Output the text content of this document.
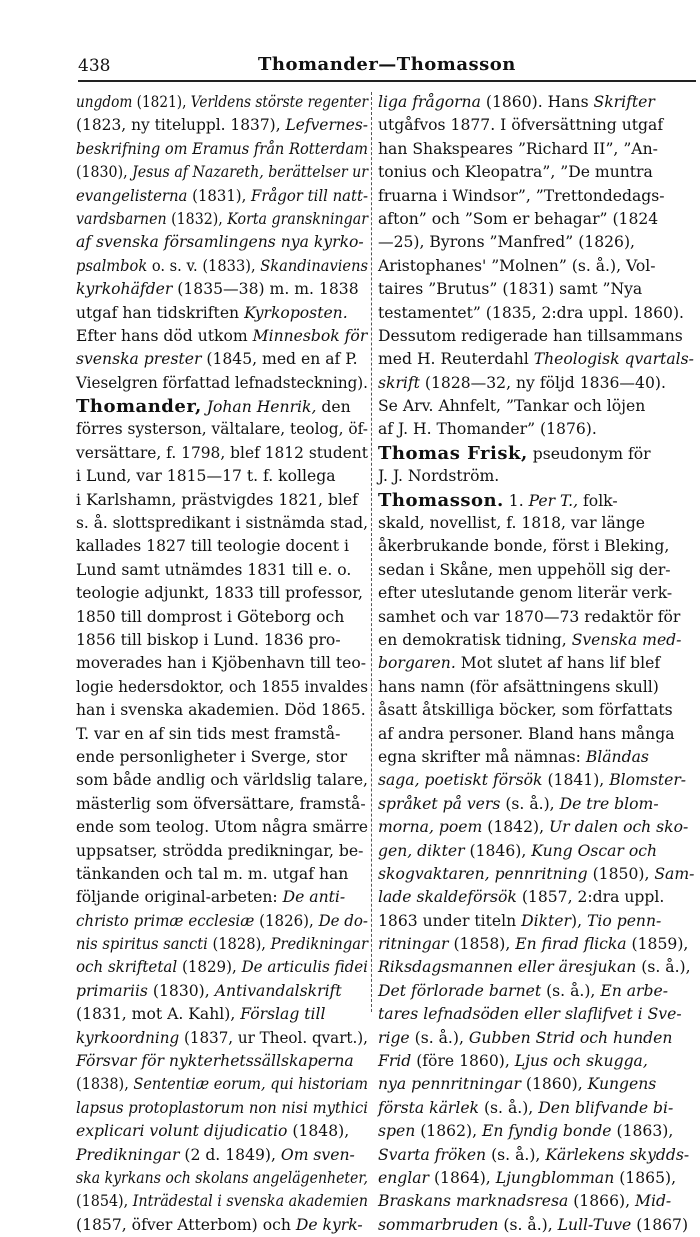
438	Thomander—Thomasson
ungdom (1821), Verldens störste regenter
(1823, ny titeluppl. 1837), Lefvernes-
beskrifning om Eramus från Rotterdam
(1830), Jesus af Nazareth, berättelser ur
evangelisterna (1831), Frågor till natt-
vardsbarnen (1832), Korta granskningar
af svenska församlingens nya kyrko-
psalmbok o. s. v. (1833), Skandinaviens
kyrkohäfder (1835—38) m. m. 1838
utgaf han tidskriften Kyrkoposten.
Efter hans död utkom Minnesbok för
svenska prester (1845, med en af P.
Vieselgren författad lefnadsteckning).
Thomander, Johan Henrik, den
förres systerson, vältalare, teolog, öf-
versättare, f. 1798, blef 1812 student
i Lund, var 1815—17 t. f. kollega
i Karlshamn, prästvigdes 1821, blef
s. å. slottspredikant i sistnämda stad,
kallades 1827 till teologie docent i
Lund samt utnämdes 1831 till e. o.
teologie adjunkt, 1833 till professor,
1850 till domprost i Göteborg och
1856 till biskop i Lund. 1836 pro-
moverades han i Kjöbenhavn till teo-
logie hedersdoktor, och 1855 invaldes
han i svenska akademien. Död 1865.
T. var en af sin tids mest framstå-
ende personligheter i Sverge, stor
som både andlig och världslig talare,
mästerlig som öfversättare, framstå-
ende som teolog. Utom några smärre
uppsatser, strödda predikningar, be-
tänkanden och tal m. m. utgaf han
följande original-arbeten: De anti-
christo primæ ecclesiæ (1826), De do-
nis spiritus sancti (1828), Predikningar
och skriftetal (1829), De articulis fidei
primariis (1830), Antivandalskrift
(1831, mot A. Kahl), Förslag till
kyrkoordning (1837, ur Theol. qvart.),
Försvar för nykterhetssällskaperna
(1838), Sententiæ eorum, qui historiam
lapsus protoplastorum non nisi mythici
explicari volunt dijudicatio (1848),
Predikningar (2 d. 1849), Om sven-
ska kyrkans och skolans angelägenheter,
(1854), Inträdestal i svenska akademien
(1857, öfver Atterbom) och De kyrk-
liga frågorna (1860). Hans Skrifter
utgåfvos 1877. I öfversättning utgaf
han Shakspeares ”Richard II”, ”An-
tonius och Kleopatra”, ”De muntra
fruarna i Windsor”, ”Trettondedags-
afton” och ”Som er behagar” (1824
—25), Byrons ”Manfred” (1826),
Aristophanes' ”Molnen” (s. å.), Vol-
taires ”Brutus” (1831) samt ”Nya
testamentet” (1835, 2:dra uppl. 1860).
Dessutom redigerade han tillsammans
med H. Reuterdahl Theologisk qvartals-
skrift (1828—32, ny följd 1836—40).
Se Arv. Ahnfelt, ”Tankar och löjen
af J. H. Thomander” (1876).
Thomas Frisk, pseudonym för
J. J. Nordström.
Thomasson. 1. Per T., folk-
skald, novellist, f. 1818, var länge
åkerbrukande bonde, först i Bleking,
sedan i Skåne, men uppehöll sig der-
efter uteslutande genom literär verk-
samhet och var 1870—73 redaktör för
en demokratisk tidning, Svenska med-
borgaren. Mot slutet af hans lif blef
hans namn (för afsättningens skull)
åsatt åtskilliga böcker, som författats
af andra personer. Bland hans många
egna skrifter må nämnas: Bländas
saga, poetiskt försök (1841), Blomster-
språket på vers (s. å.), De tre blom-
morna, poem (1842), Ur dalen och sko-
gen, dikter (1846), Kung Oscar och
skogvaktaren, pennritning (1850), Sam-
lade skaldeförsök (1857, 2:dra uppl.
1863 under titeln Dikter), Tio penn-
ritningar (1858), En firad flicka (1859),
Riksdagsmannen eller äresjukan (s. å.),
Det förlorade barnet (s. å.), En arbe-
tares lefnadsöden eller slaflifvet i Sve-
rige (s. å.), Gubben Strid och hunden
Frid (före 1860), Ljus och skugga,
nya pennritningar (1860), Kungens
första kärlek (s. å.), Den blifvande bi-
spen (1862), En fyndig bonde (1863),
Svarta fröken (s. å.), Kärlekens skydds-
englar (1864), Ljungblomman (1865),
Braskans marknadsresa (1866), Mid-
sommarbruden (s. å.), Lull-Tuve (1867)
